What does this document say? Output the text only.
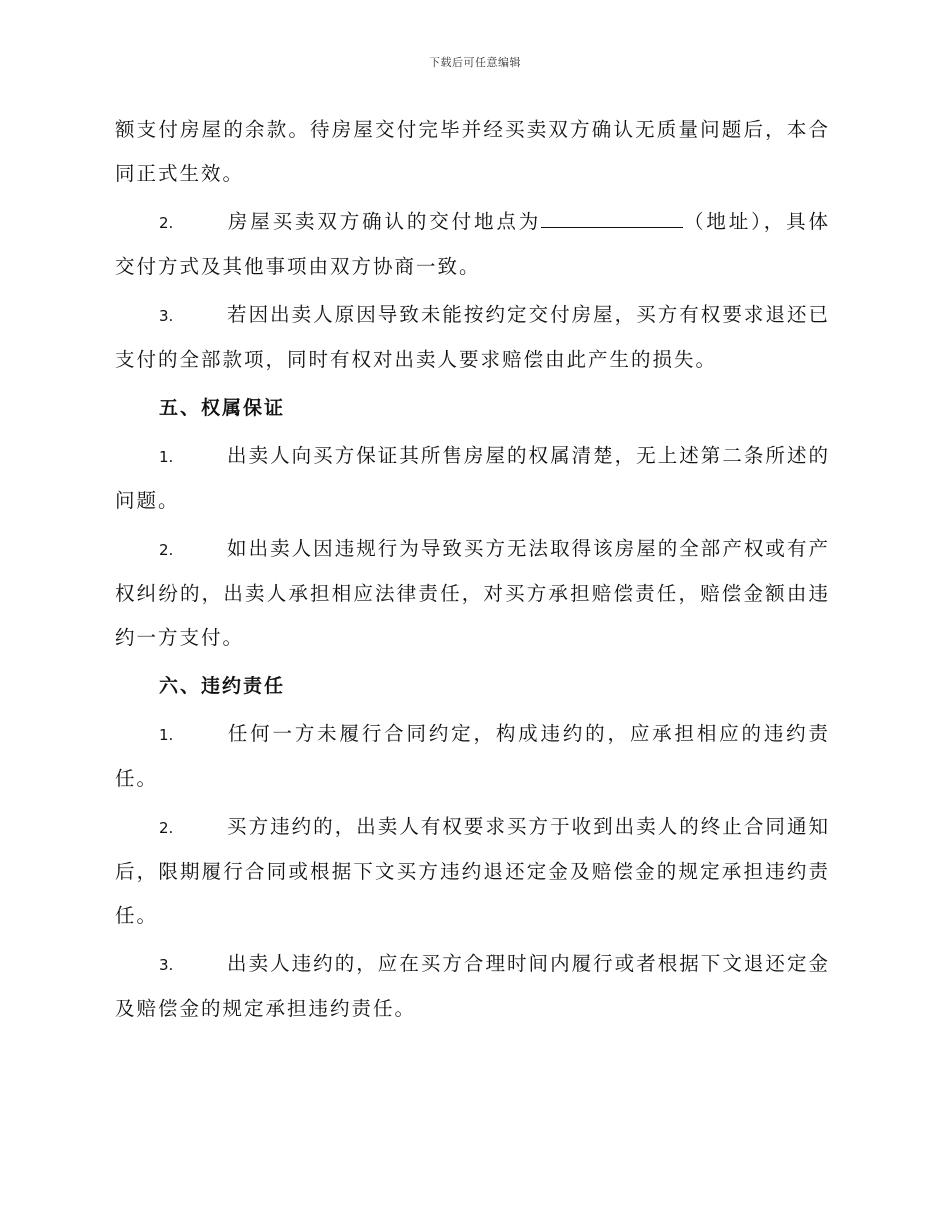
下载后可任意编辑

额支付房屋的余款。待房屋交付完毕并经买卖双方确认无质量问题后，本合同正式生效。

2.	房屋买卖双方确认的交付地点为	（地址），具体交付方式及其他事项由双方协商一致。

3.	若因出卖人原因导致未能按约定交付房屋，买方有权要求退还已支付的全部款项，同时有权对出卖人要求赔偿由此产生的损失。

五、权属保证

1.	出卖人向买方保证其所售房屋的权属清楚，无上述第二条所述的问题。

2.	如出卖人因违规行为导致买方无法取得该房屋的全部产权或有产权纠纷的，出卖人承担相应法律责任，对买方承担赔偿责任，赔偿金额由违约一方支付。

六、违约责任

1.	任何一方未履行合同约定，构成违约的，应承担相应的违约责任。

2.	买方违约的，出卖人有权要求买方于收到出卖人的终止合同通知后，限期履行合同或根据下文买方违约退还定金及赔偿金的规定承担违约责任。

3.	出卖人违约的，应在买方合理时间内履行或者根据下文退还定金及赔偿金的规定承担违约责任。
